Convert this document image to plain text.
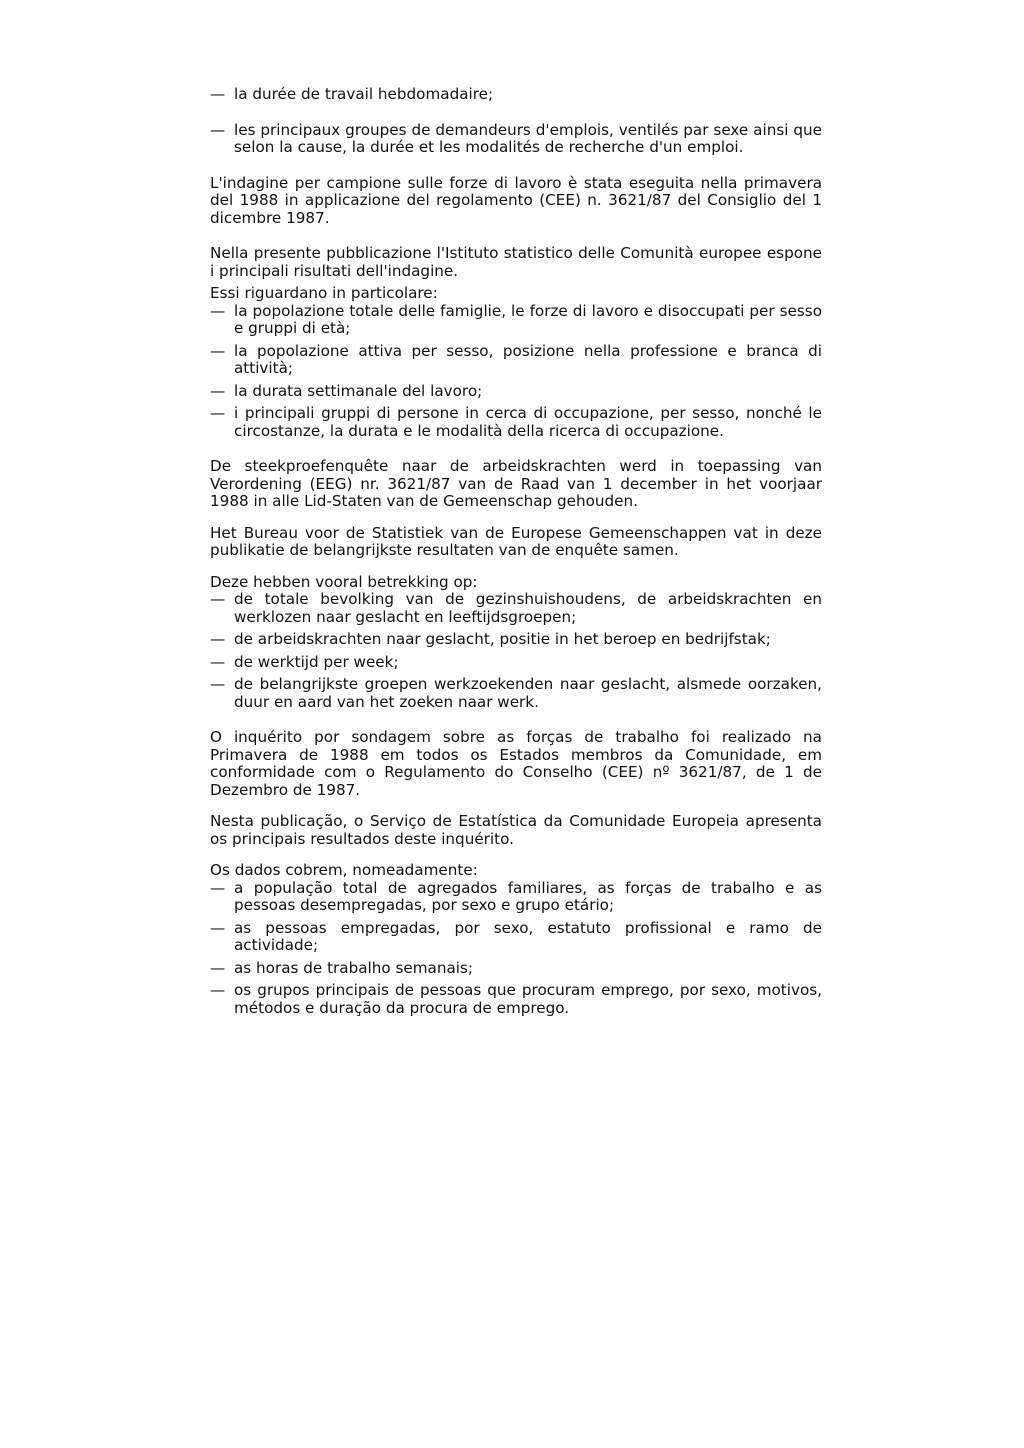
— la durée de travail hebdomadaire;
— les principaux groupes de demandeurs d'emplois, ventilés par sexe ainsi que selon la cause, la durée et les modalités de recherche d'un emploi.

L'indagine per campione sulle forze di lavoro è stata eseguita nella primavera del 1988 in applicazione del regolamento (CEE) n. 3621/87 del Consiglio del 1 dicembre 1987.

Nella presente pubblicazione l'Istituto statistico delle Comunità europee espone i principali risultati dell'indagine.

Essi riguardano in particolare:

— la popolazione totale delle famiglie, le forze di lavoro e disoccupati per sesso e gruppi di età;
— la popolazione attiva per sesso, posizione nella professione e branca di attività;
— la durata settimanale del lavoro;
— i principali gruppi di persone in cerca di occupazione, per sesso, nonché le circostanze, la durata e le modalità della ricerca di occupazione.

De steekproefenquête naar de arbeidskrachten werd in toepassing van Verordening (EEG) nr. 3621/87 van de Raad van 1 december in het voorjaar 1988 in alle Lid-Staten van de Gemeenschap gehouden.

Het Bureau voor de Statistiek van de Europese Gemeenschappen vat in deze publikatie de belangrijkste resultaten van de enquête samen.

Deze hebben vooral betrekking op:

— de totale bevolking van de gezinshuishoudens, de arbeidskrachten en werklozen naar geslacht en leeftijdsgroepen;
— de arbeidskrachten naar geslacht, positie in het beroep en bedrijfstak;
— de werktijd per week;
— de belangrijkste groepen werkzoekenden naar geslacht, alsmede oorzaken, duur en aard van het zoeken naar werk.

O inquérito por sondagem sobre as forças de trabalho foi realizado na Primavera de 1988 em todos os Estados membros da Comunidade, em conformidade com o Regulamento do Conselho (CEE) nº 3621/87, de 1 de Dezembro de 1987.

Nesta publicação, o Serviço de Estatística da Comunidade Europeia apresenta os principais resultados deste inquérito.

Os dados cobrem, nomeadamente:

— a população total de agregados familiares, as forças de trabalho e as pessoas desempregadas, por sexo e grupo etário;
— as pessoas empregadas, por sexo, estatuto profissional e ramo de actividade;
— as horas de trabalho semanais;
— os grupos principais de pessoas que procuram emprego, por sexo, motivos, métodos e duração da procura de emprego.
